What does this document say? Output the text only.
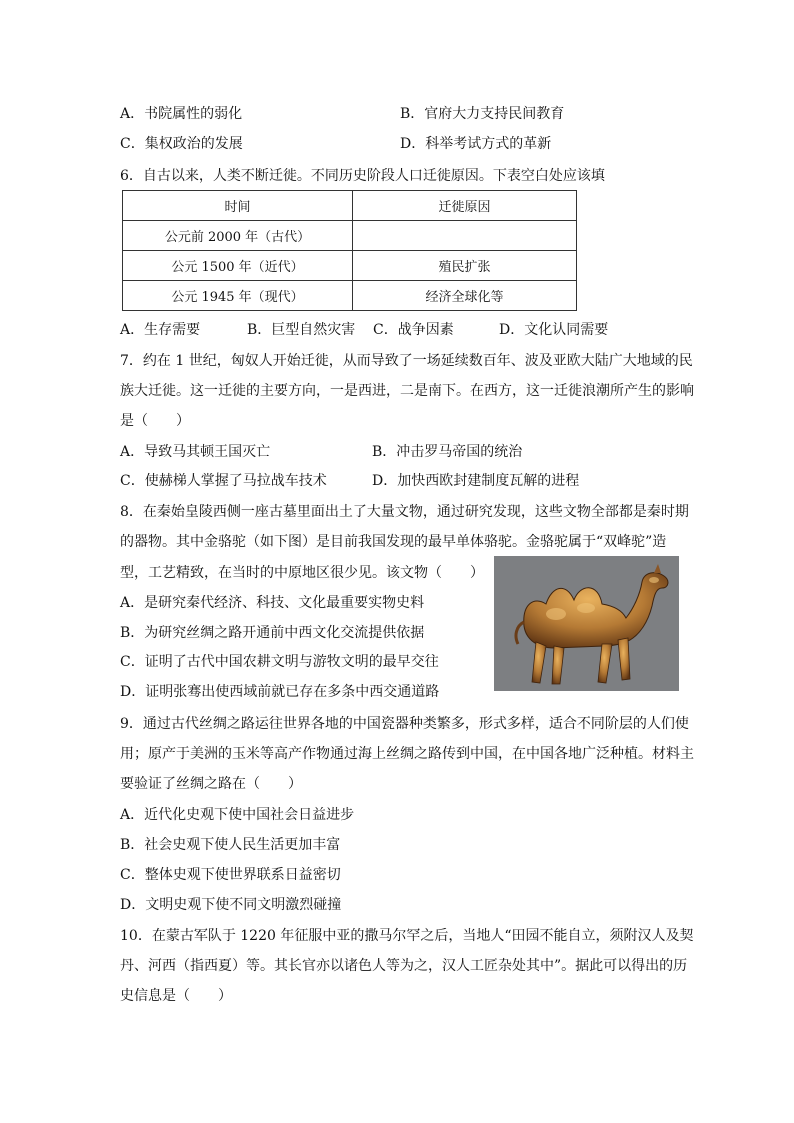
A．书院属性的弱化	B．官府大力支持民间教育
C．集权政治的发展	D．科举考试方式的革新
6．自古以来，人类不断迁徙。不同历史阶段人口迁徙原因。下表空白处应该填
时间	迁徙原因
公元前 2000 年（古代）	
公元 1500 年（近代）	殖民扩张
公元 1945 年（现代）	经济全球化等
A．生存需要	B．巨型自然灾害 C．战争因素	D．文化认同需要
7．约在 1 世纪，匈奴人开始迁徙，从而导致了一场延续数百年、波及亚欧大陆广大地域的民
族大迁徙。这一迁徙的主要方向，一是西进，二是南下。在西方，这一迁徙浪潮所产生的影响
是（　　）
A．导致马其顿王国灭亡	B．冲击罗马帝国的统治
C．使赫梯人掌握了马拉战车技术	D．加快西欧封建制度瓦解的进程
8．在秦始皇陵西侧一座古墓里面出土了大量文物，通过研究发现，这些文物全部都是秦时期
的器物。其中金骆驼（如下图）是目前我国发现的最早单体骆驼。金骆驼属于“双峰驼”造
型，工艺精致，在当时的中原地区很少见。该文物（　　）
A．是研究秦代经济、科技、文化最重要实物史料
B．为研究丝绸之路开通前中西文化交流提供依据
C．证明了古代中国农耕文明与游牧文明的最早交往
D．证明张骞出使西域前就已存在多条中西交通道路
9．通过古代丝绸之路运往世界各地的中国瓷器种类繁多，形式多样，适合不同阶层的人们使
用；原产于美洲的玉米等高产作物通过海上丝绸之路传到中国，在中国各地广泛种植。材料主
要验证了丝绸之路在（　　）
A．近代化史观下使中国社会日益进步
B．社会史观下使人民生活更加丰富
C．整体史观下使世界联系日益密切
D．文明史观下使不同文明激烈碰撞
10．在蒙古军队于 1220 年征服中亚的撒马尔罕之后，当地人“田园不能自立，须附汉人及契
丹、河西（指西夏）等。其长官亦以诸色人等为之，汉人工匠杂处其中”。据此可以得出的历
史信息是（　　）
